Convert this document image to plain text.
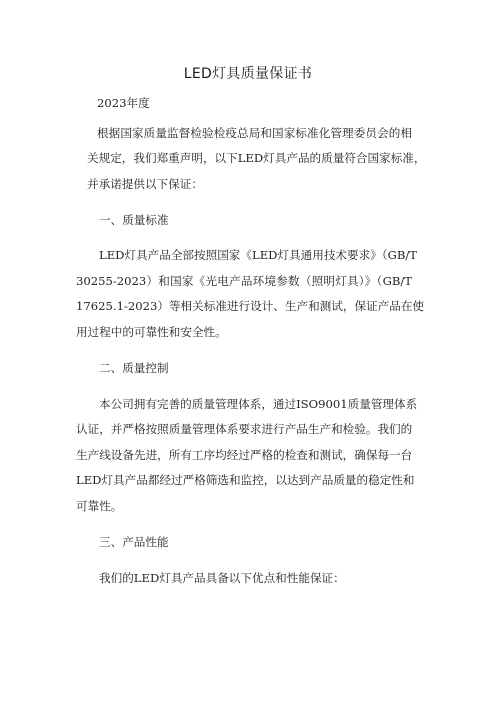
LED灯具质量保证书
2023年度
根据国家质量监督检验检疫总局和国家标准化管理委员会的相
关规定，我们郑重声明，以下LED灯具产品的质量符合国家标准，
并承诺提供以下保证：
一、质量标准
LED灯具产品全部按照国家《LED灯具通用技术要求》（GB/T
30255-2023）和国家《光电产品环境参数（照明灯具）》（GB/T
17625.1-2023）等相关标准进行设计、生产和测试，保证产品在使
用过程中的可靠性和安全性。
二、质量控制
本公司拥有完善的质量管理体系，通过ISO9001质量管理体系
认证，并严格按照质量管理体系要求进行产品生产和检验。我们的
生产线设备先进，所有工序均经过严格的检查和测试，确保每一台
LED灯具产品都经过严格筛选和监控，以达到产品质量的稳定性和
可靠性。
三、产品性能
我们的LED灯具产品具备以下优点和性能保证：
